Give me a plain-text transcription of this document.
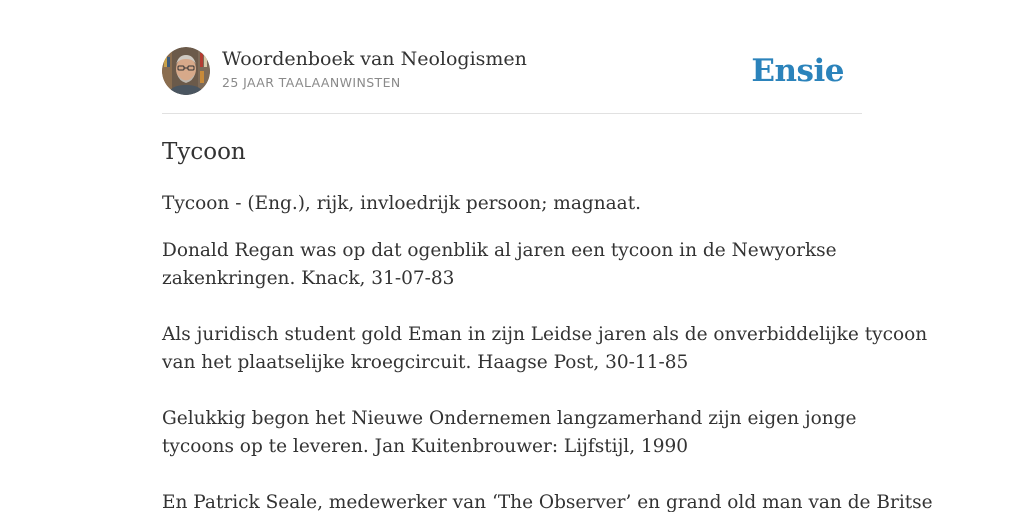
Woordenboek van Neologismen
25 JAAR TAALAANWINSTEN	Ensie
Tycoon

Tycoon - (Eng.), rijk, invloedrijk persoon; magnaat.

Donald Regan was op dat ogenblik al jaren een tycoon in de Newyorkse
zakenkringen. Knack, 31-07-83

Als juridisch student gold Eman in zijn Leidse jaren als de onverbiddelijke tycoon
van het plaatselijke kroegcircuit. Haagse Post, 30-11-85

Gelukkig begon het Nieuwe Ondernemen langzamerhand zijn eigen jonge
tycoons op te leveren. Jan Kuitenbrouwer: Lijfstijl, 1990

En Patrick Seale, medewerker van ‘The Observer’ en grand old man van de Britse
